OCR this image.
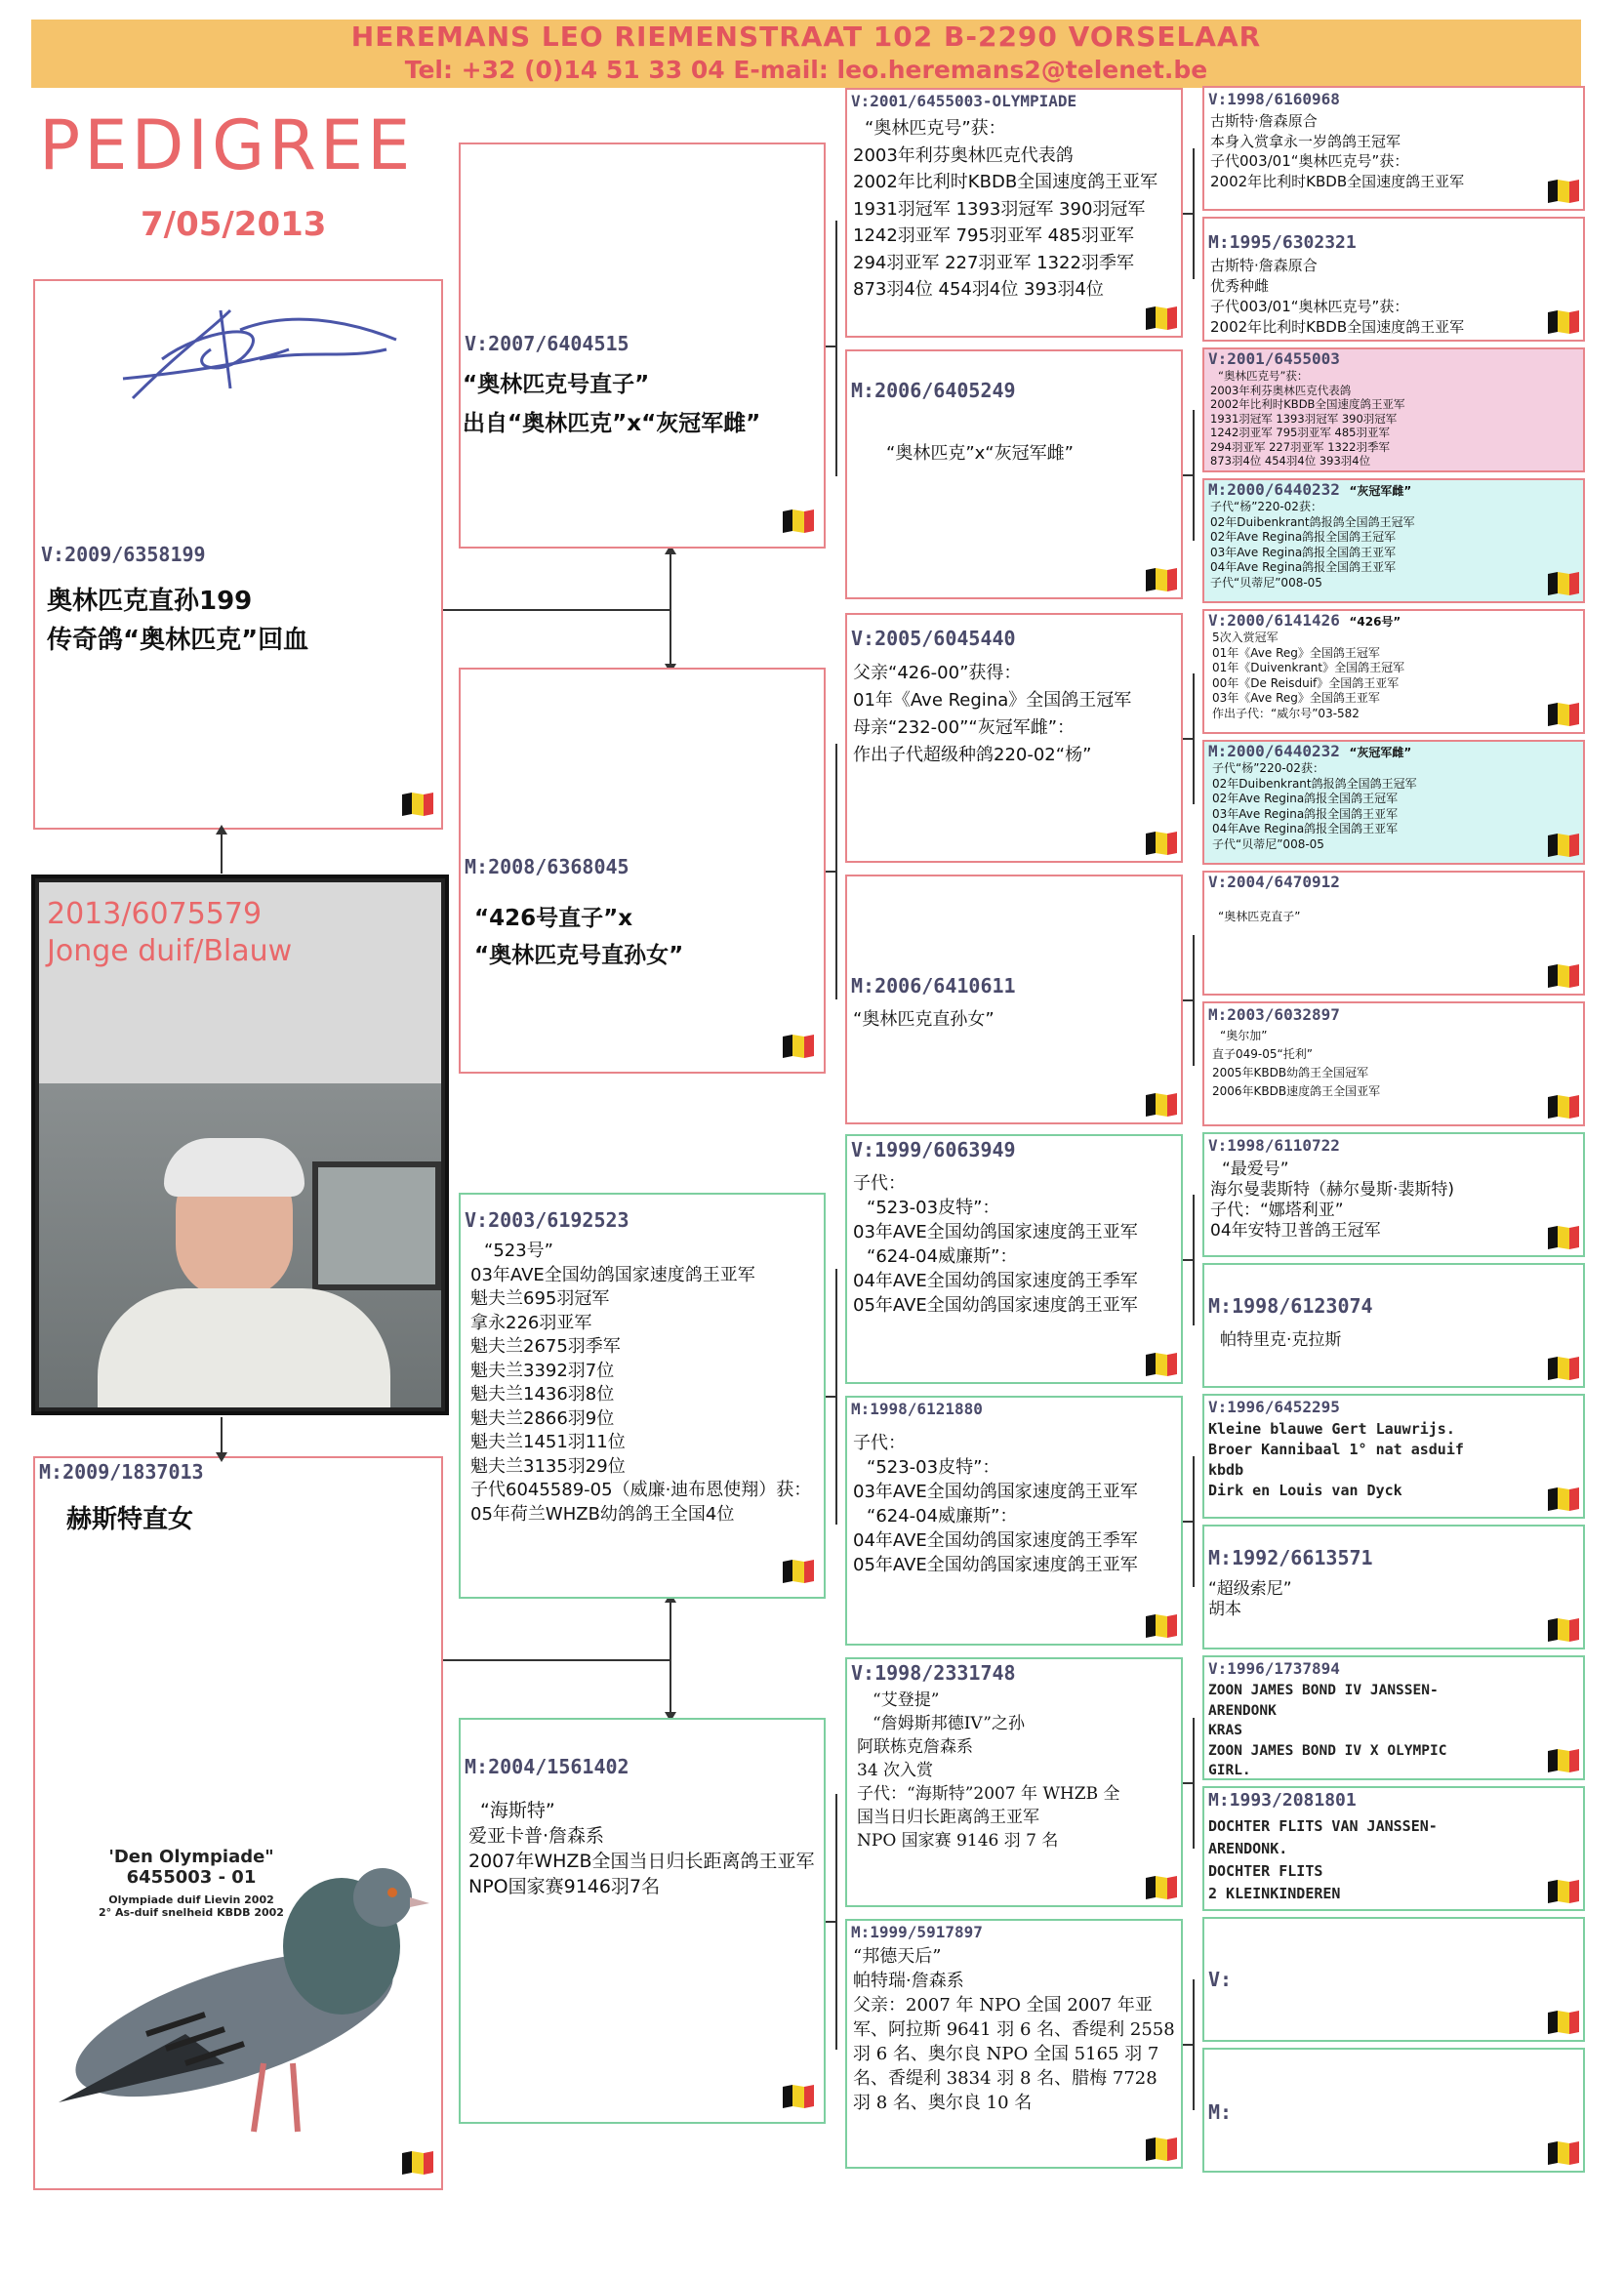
HEREMANS LEO RIEMENSTRAAT 102 B-2290 VORSELAAR
Tel: +32 (0)14 51 33 04 E-mail: leo.heremans2@telenet.be
PEDIGREE
7/05/2013
V:2009/6358199
奥林匹克直孙199
传奇鸽“奥林匹克”回血
2013/6075579
Jonge duif/Blauw
M:2009/1837013
赫斯特直女
'Den Olympiade"
6455003 - 01
Olympiade duif Lievin 2002
2° As-duif snelheid KBDB 2002
V:2007/6404515
“奥林匹克号直子”
出自“奥林匹克”x“灰冠军雌”
M:2008/6368045
“426号直子”x
“奥林匹克号直孙女”
V:2003/6192523
“523号”
03年AVE全国幼鸽国家速度鸽王亚军
魁夫兰695羽冠军
拿永226羽亚军
魁夫兰2675羽季军
魁夫兰3392羽7位
魁夫兰1436羽8位
魁夫兰2866羽9位
魁夫兰1451羽11位
魁夫兰3135羽29位
子代6045589-05（威廉·迪布恩使翔）获：
05年荷兰WHZB幼鸽鸽王全国4位
M:2004/1561402
“海斯特”
爱亚卡普·詹森系
2007年WHZB全国当日归长距离鸽王亚军
NPO国家赛9146羽7名
V:2001/6455003-OLYMPIADE
“奥林匹克号”获：
2003年利芬奥林匹克代表鸽
2002年比利时KBDB全国速度鸽王亚军
1931羽冠军 1393羽冠军 390羽冠军
1242羽亚军 795羽亚军 485羽亚军
294羽亚军 227羽亚军 1322羽季军
873羽4位 454羽4位 393羽4位
M:2006/6405249
“奥林匹克”x“灰冠军雌”
V:2005/6045440
父亲“426-00”获得：
01年《Ave Regina》全国鸽王冠军
母亲“232-00”“灰冠军雌”：
作出子代超级种鸽220-02“杨”
M:2006/6410611
“奥林匹克直孙女”
V:1999/6063949
子代：
“523-03皮特”：
03年AVE全国幼鸽国家速度鸽王亚军
“624-04威廉斯”：
04年AVE全国幼鸽国家速度鸽王季军
05年AVE全国幼鸽国家速度鸽王亚军
M:1998/6121880
子代：
“523-03皮特”：
03年AVE全国幼鸽国家速度鸽王亚军
“624-04威廉斯”：
04年AVE全国幼鸽国家速度鸽王季军
05年AVE全国幼鸽国家速度鸽王亚军
V:1998/2331748
“艾登提”
“詹姆斯邦德IV”之孙
阿联栋克詹森系
34 次入赏
子代：“海斯特”2007 年 WHZB 全
国当日归长距离鸽王亚军
NPO 国家赛 9146 羽 7 名
M:1999/5917897
“邦德天后”
帕特瑞·詹森系
父亲：2007 年 NPO 全国 2007 年亚
军、阿拉斯 9641 羽 6 名、香缇利 2558
羽 6 名、奥尔良 NPO 全国 5165 羽 7
名、香缇利 3834 羽 8 名、腊梅 7728
羽 8 名、奥尔良 10 名
V:1998/6160968
古斯特·詹森原合
本身入赏拿永一岁鸽鸽王冠军
子代003/01“奥林匹克号”获：
2002年比利时KBDB全国速度鸽王亚军
M:1995/6302321
古斯特·詹森原合
优秀种雌
子代003/01“奥林匹克号”获：
2002年比利时KBDB全国速度鸽王亚军
V:2001/6455003
“奥林匹克号”获：
2003年利芬奥林匹克代表鸽
2002年比利时KBDB全国速度鸽王亚军
1931羽冠军 1393羽冠军 390羽冠军
1242羽亚军 795羽亚军 485羽亚军
294羽亚军 227羽亚军 1322羽季军
873羽4位 454羽4位 393羽4位
M:2000/6440232 “灰冠军雌”
子代“杨”220-02获：
02年Duibenkrant鸽报鸽全国鸽王冠军
02年Ave Regina鸽报全国鸽王冠军
03年Ave Regina鸽报全国鸽王亚军
04年Ave Regina鸽报全国鸽王亚军
子代“贝蒂尼”008-05
V:2000/6141426 “426号”
5次入赏冠军
01年《Ave Reg》全国鸽王冠军
01年《Duivenkrant》全国鸽王冠军
00年《De Reisduif》全国鸽王亚军
03年《Ave Reg》全国鸽王亚军
作出子代：“威尔号”03-582
M:2000/6440232 “灰冠军雌”
子代“杨”220-02获：
02年Duibenkrant鸽报鸽全国鸽王冠军
02年Ave Regina鸽报全国鸽王冠军
03年Ave Regina鸽报全国鸽王亚军
04年Ave Regina鸽报全国鸽王亚军
子代“贝蒂尼”008-05
V:2004/6470912
“奥林匹克直子”
M:2003/6032897
“奥尔加”
直子049-05“托利”
2005年KBDB幼鸽王全国冠军
2006年KBDB速度鸽王全国亚军
V:1998/6110722
“最爱号”
海尔曼裴斯特（赫尔曼斯·裴斯特)
子代：“娜塔利亚”
04年安特卫普鸽王冠军
M:1998/6123074
帕特里克·克拉斯
V:1996/6452295
Kleine blauwe Gert Lauwrijs.
Broer Kannibaal 1° nat asduif
kbdb
Dirk en Louis van Dyck
M:1992/6613571
“超级索尼”
胡本
V:1996/1737894
ZOON JAMES BOND IV JANSSEN-
ARENDONK
KRAS
ZOON JAMES BOND IV X OLYMPIC
GIRL.
M:1993/2081801
DOCHTER FLITS VAN JANSSEN-
ARENDONK.
DOCHTER FLITS
2 KLEINKINDEREN
V:
M:
